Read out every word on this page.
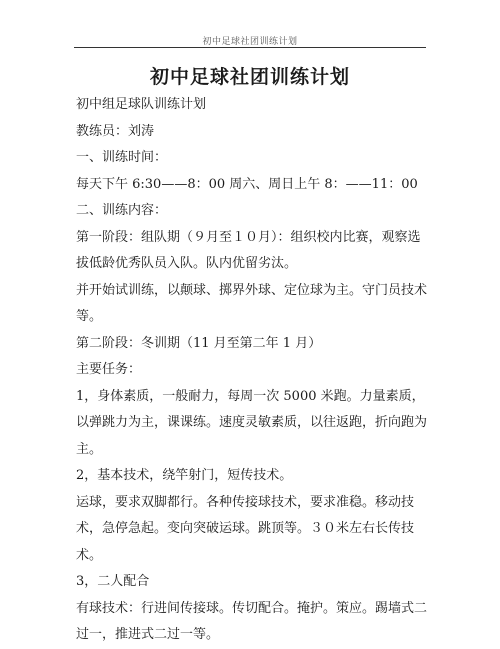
初中足球社团训练计划
初中足球社团训练计划

初中组足球队训练计划

教练员：刘涛

一、训练时间：

每天下午 6:30——8：00 周六、周日上午 8：——11：00

二、训练内容：

第一阶段：组队期（９月至１０月）：组织校内比赛，观察选拔低龄优秀队员入队。队内优留劣汰。

并开始试训练，以颠球、掷界外球、定位球为主。守门员技术等。

第二阶段：冬训期（11 月至第二年 1 月）

主要任务：

1，身体素质，一般耐力，每周一次 5000 米跑。力量素质，以弹跳力为主，课课练。速度灵敏素质，以往返跑，折向跑为主。

2，基本技术，绕竿射门，短传技术。

运球，要求双脚都行。各种传接球技术，要求准稳。移动技术，急停急起。变向突破运球。跳顶等。３０米左右长传技术。

3，二人配合

有球技术：行进间传接球。传切配合。掩护。策应。踢墙式二过一，推进式二过一等。
